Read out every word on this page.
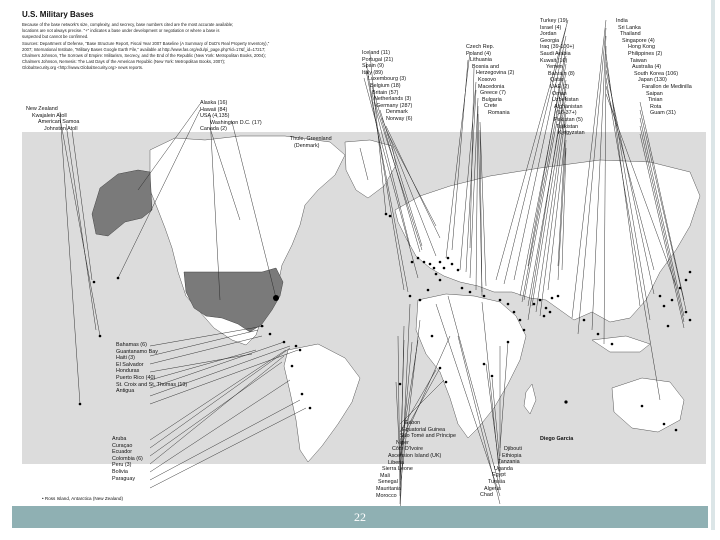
U.S. Military Bases
Because of the base network's size, complexity, and secrecy, base numbers cited are the most accurate available;
locations are not always precise. "+" indicates a base under development or negotiation or where a base is
suspected but cannot be confirmed.
Sources: Department of Defense, "Base Structure Report, Fiscal Year 2007 Baseline (A Summary of DoD's Real Property Inventory),"
2007; International Institute, "Military Bases Google Earth File," available at http://www.fas.org/edu/pi_page.php?id=17&f_id=17217;
Chalmers Johnson, The Sorrows of Empire: Militarism, Secrecy, and the End of the Republic (New York: Metropolitan Books, 2004);
Chalmers Johnson, Nemesis: The Last Days of the American Republic (New York: Metropolitan Books, 2007);
GlobalSecurity.org <http://www.GlobalSecurity.org> news reports.
New Zealand
Kwajalein Atoll
American Samoa
Johnston Atoll
Alaska (16)
Hawaii (84)
USA (4,135)
Washington D.C. (17)
Canada (2)
Thule, Greenland
(Denmark)
Iceland (11)
Portugal (21)
Spain (9)
Italy (89)
Luxembourg (3)
Belgium (18)
Britain (57)
Netherlands (3)
Germany (287)
Denmark
Norway (6)
Czech Rep.
Poland (4)
Lithuania
Bosnia and
Herzegovina (2)
Kosovo
Macedonia
Greece (7)
Bulgaria
Crete
Romania
Turkey (19)
Israel (4)
Jordan
Georgia
Iraq (39-100+)
Saudi Arabia
Kuwait (16)
Yemen
Bahrain (8)
Qatar
UAE (2)
Oman
Uzbekistan
Afghanistan
(16-37+)
Pakistan (5)
Tajikistan
Kyrgyzstan
India
Sri Lanka
Thailand
Singapore (4)
Hong Kong
Philippines (2)
Taiwan
Australia (4)
South Korea (106)
Japan (130)
Farallon de Medinilla
Saipan
Tinian
Rota
Guam (31)
Bahamas (6)
Guantanamo Bay
Haiti (3)
El Salvador
Honduras
Puerto Rico (40)
St. Croix and St. Thomas (19)
Antigua
Aruba
Curaçao
Ecuador
Colombia (6)
Peru (3)
Bolivia
Paraguay
Gabon
Equatorial Guinea
São Tomé and Príncipe
Niger
Côte D'Ivoire
Ascension Island (UK)
Liberia
Sierra Leone
Mali
Senegal
Mauritania
Morocco
Djibouti
Ethiopia
Tanzania
Uganda
Egypt
Tunisia
Algeria
Chad
Diego Garcia
• Ross Island, Antarctica (New Zealand)
22
